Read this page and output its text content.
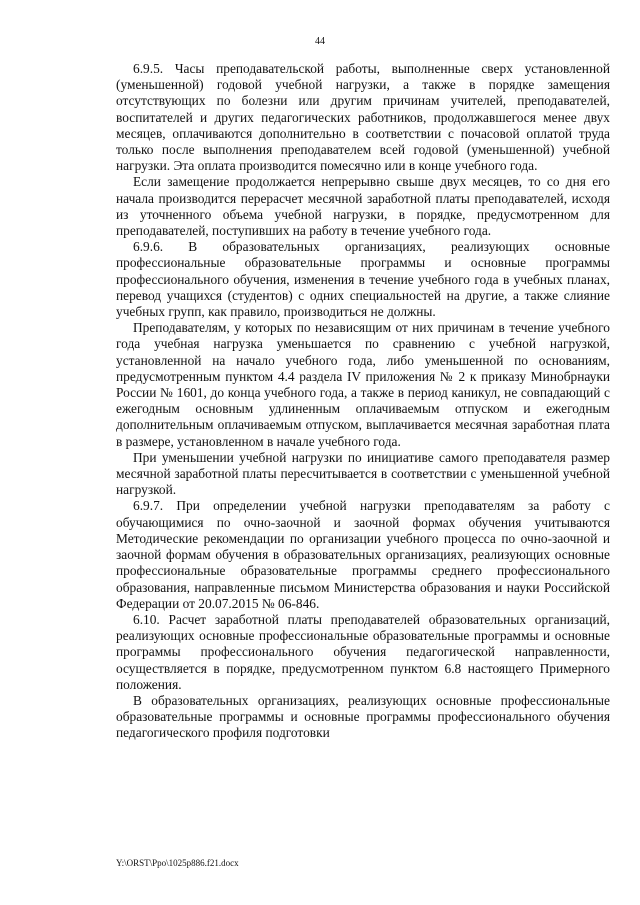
44

6.9.5. Часы преподавательской работы, выполненные сверх установленной (уменьшенной) годовой учебной нагрузки, а также в порядке замещения отсутствующих по болезни или другим причинам учителей, преподавателей, воспитателей и других педагогических работников, продолжавшегося менее двух месяцев, оплачиваются дополнительно в соответствии с почасовой оплатой труда только после выполнения преподавателем всей годовой (уменьшенной) учебной нагрузки. Эта оплата производится помесячно или в конце учебного года.

Если замещение продолжается непрерывно свыше двух месяцев, то со дня его начала производится перерасчет месячной заработной платы преподавателей, исходя из уточненного объема учебной нагрузки, в порядке, предусмотренном для преподавателей, поступивших на работу в течение учебного года.

6.9.6. В образовательных организациях, реализующих основные профессиональные образовательные программы и основные программы профессионального обучения, изменения в течение учебного года в учебных планах, перевод учащихся (студентов) с одних специальностей на другие, а также слияние учебных групп, как правило, производиться не должны.

Преподавателям, у которых по независящим от них причинам в течение учебного года учебная нагрузка уменьшается по сравнению с учебной нагрузкой, установленной на начало учебного года, либо уменьшенной по основаниям, предусмотренным пунктом 4.4 раздела IV приложения № 2 к приказу Минобрнауки России № 1601, до конца учебного года, а также в период каникул, не совпадающий с ежегодным основным удлиненным оплачиваемым отпуском и ежегодным дополнительным оплачиваемым отпуском, выплачивается месячная заработная плата в размере, установленном в начале учебного года.

При уменьшении учебной нагрузки по инициативе самого преподавателя размер месячной заработной платы пересчитывается в соответствии с уменьшенной учебной нагрузкой.

6.9.7. При определении учебной нагрузки преподавателям за работу с обучающимися по очно-заочной и заочной формах обучения учитываются Методические рекомендации по организации учебного процесса по очно-заочной и заочной формам обучения в образовательных организациях, реализующих основные профессиональные образовательные программы среднего профессионального образования, направленные письмом Министерства образования и науки Российской Федерации от 20.07.2015 № 06-846.

6.10. Расчет заработной платы преподавателей образовательных организаций, реализующих основные профессиональные образовательные программы и основные программы профессионального обучения педагогической направленности, осуществляется в порядке, предусмотренном пунктом 6.8 настоящего Примерного положения.

В образовательных организациях, реализующих основные профессиональные образовательные программы и основные программы профессионального обучения педагогического профиля подготовки

Y:\ORST\Ppo\1025p886.f21.docx
